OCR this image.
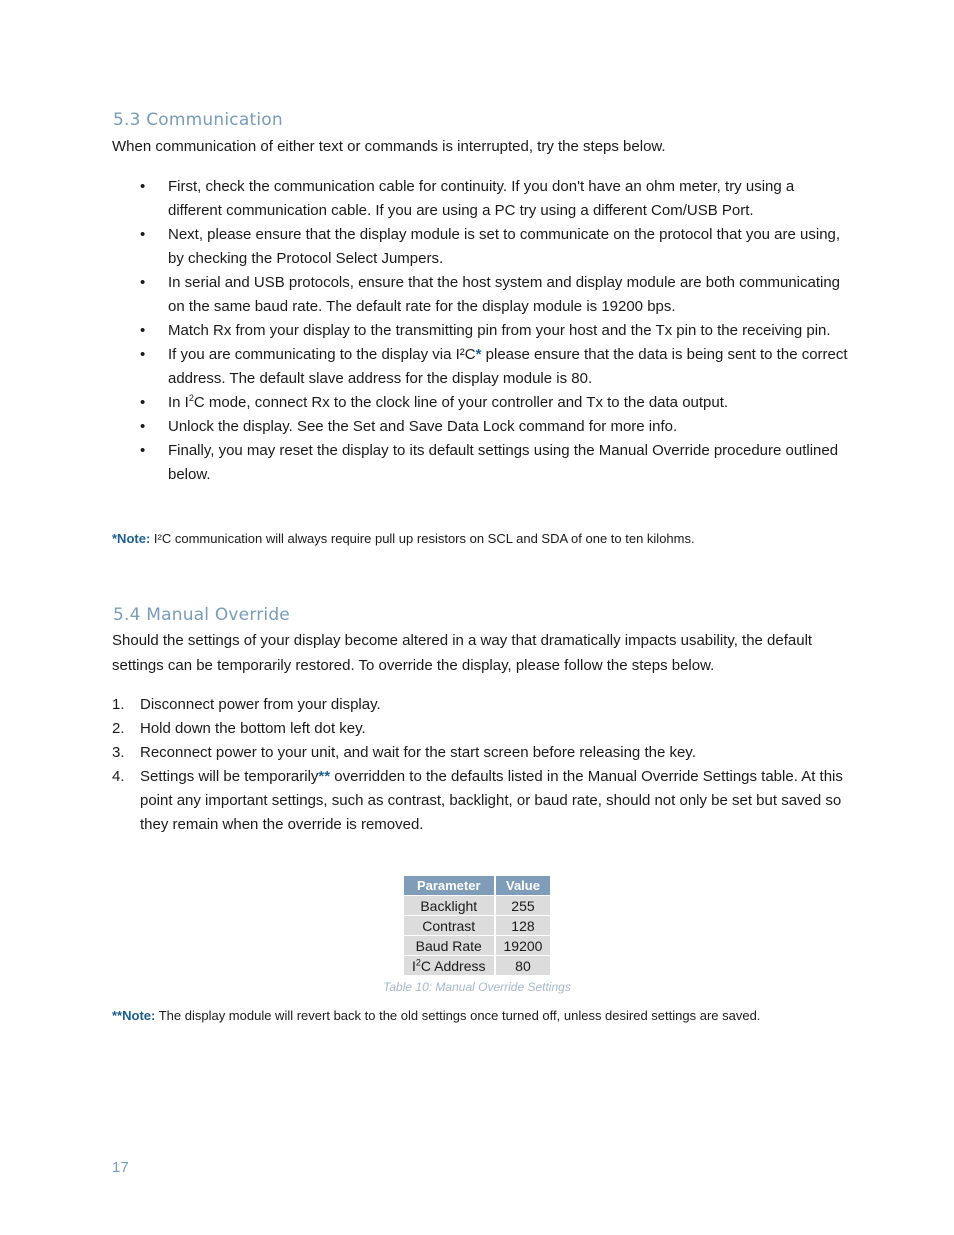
5.3 Communication

When communication of either text or commands is interrupted, try the steps below.

• First, check the communication cable for continuity. If you don't have an ohm meter, try using a different communication cable. If you are using a PC try using a different Com/USB Port.
• Next, please ensure that the display module is set to communicate on the protocol that you are using, by checking the Protocol Select Jumpers.
• In serial and USB protocols, ensure that the host system and display module are both communicating on the same baud rate. The default rate for the display module is 19200 bps.
• Match Rx from your display to the transmitting pin from your host and the Tx pin to the receiving pin.
• If you are communicating to the display via I²C* please ensure that the data is being sent to the correct address. The default slave address for the display module is 80.
• In $I^2C$ mode, connect Rx to the clock line of your controller and Tx to the data output.
• Unlock the display. See the Set and Save Data Lock command for more info.
• Finally, you may reset the display to its default settings using the Manual Override procedure outlined below.

*Note: I²C communication will always require pull up resistors on SCL and SDA of one to ten kilohms.

5.4 Manual Override

Should the settings of your display become altered in a way that dramatically impacts usability, the default settings can be temporarily restored. To override the display, please follow the steps below.

1. Disconnect power from your display.
2. Hold down the bottom left dot key.
3. Reconnect power to your unit, and wait for the start screen before releasing the key.
4. Settings will be temporarily** overridden to the defaults listed in the Manual Override Settings table. At this point any important settings, such as contrast, backlight, or baud rate, should not only be set but saved so they remain when the override is removed.
Parameter	Value
Backlight	255
Contrast	128
Baud Rate	19200
$I^2C$ Address	80
Table 10: Manual Override Settings

**Note: The display module will revert back to the old settings once turned off, unless desired settings are saved.

17
